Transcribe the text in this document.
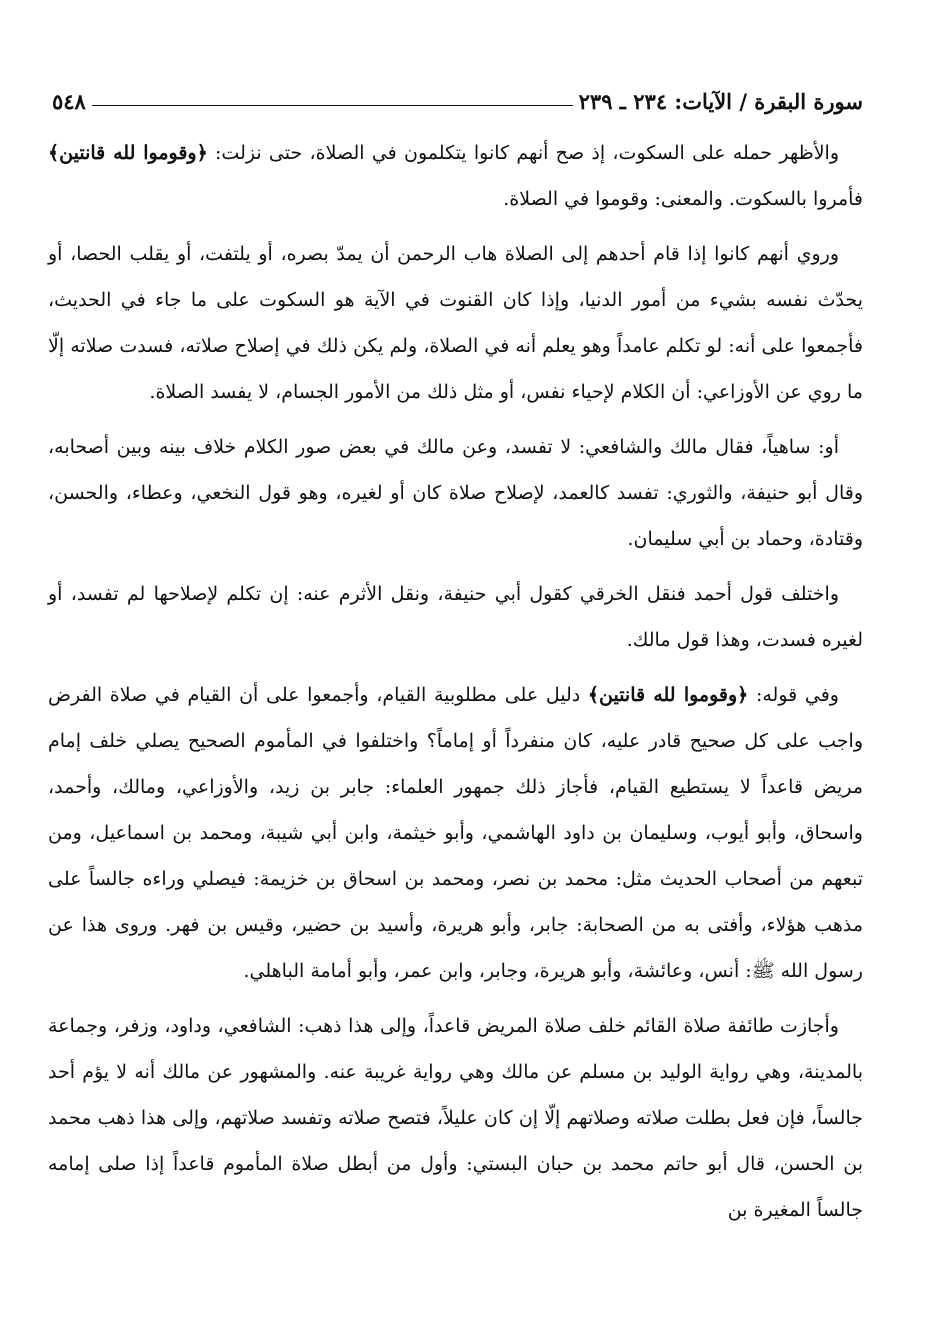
سورة البقرة / الآيات: ٢٣٤ ـ ٢٣٩
٥٤٨

والأظهر حمله على السكوت، إذ صح أنهم كانوا يتكلمون في الصلاة، حتى نزلت: ﴿وقوموا لله قانتين﴾ فأمروا بالسكوت. والمعنى: وقوموا في الصلاة.

وروي أنهم كانوا إذا قام أحدهم إلى الصلاة هاب الرحمن أن يمدّ بصره، أو يلتفت، أو يقلب الحصا، أو يحدّث نفسه بشيء من أمور الدنيا، وإذا كان القنوت في الآية هو السكوت على ما جاء في الحديث، فأجمعوا على أنه: لو تكلم عامداً وهو يعلم أنه في الصلاة، ولم يكن ذلك في إصلاح صلاته، فسدت صلاته إلّا ما روي عن الأوزاعي: أن الكلام لإحياء نفس، أو مثل ذلك من الأمور الجسام، لا يفسد الصلاة.

أو: ساهياً، فقال مالك والشافعي: لا تفسد، وعن مالك في بعض صور الكلام خلاف بينه وبين أصحابه، وقال أبو حنيفة، والثوري: تفسد كالعمد، لإصلاح صلاة كان أو لغيره، وهو قول النخعي، وعطاء، والحسن، وقتادة، وحماد بن أبي سليمان.

واختلف قول أحمد فنقل الخرقي كقول أبي حنيفة، ونقل الأثرم عنه: إن تكلم لإصلاحها لم تفسد، أو لغيره فسدت، وهذا قول مالك.

وفي قوله: ﴿وقوموا لله قانتين﴾ دليل على مطلوبية القيام، وأجمعوا على أن القيام في صلاة الفرض واجب على كل صحيح قادر عليه، كان منفرداً أو إماماً؟ واختلفوا في المأموم الصحيح يصلي خلف إمام مريض قاعداً لا يستطيع القيام، فأجاز ذلك جمهور العلماء: جابر بن زيد، والأوزاعي، ومالك، وأحمد، واسحاق، وأبو أيوب، وسليمان بن داود الهاشمي، وأبو خيثمة، وابن أبي شيبة، ومحمد بن اسماعيل، ومن تبعهم من أصحاب الحديث مثل: محمد بن نصر، ومحمد بن اسحاق بن خزيمة: فيصلي وراءه جالساً على مذهب هؤلاء، وأفتى به من الصحابة: جابر، وأبو هريرة، وأسيد بن حضير، وقيس بن فهر. وروى هذا عن رسول الله ﷺ: أنس، وعائشة، وأبو هريرة، وجابر، وابن عمر، وأبو أمامة الباهلي.

وأجازت طائفة صلاة القائم خلف صلاة المريض قاعداً، وإلى هذا ذهب: الشافعي، وداود، وزفر، وجماعة بالمدينة، وهي رواية الوليد بن مسلم عن مالك وهي رواية غريبة عنه. والمشهور عن مالك أنه لا يؤم أحد جالساً، فإن فعل بطلت صلاته وصلاتهم إلّا إن كان عليلاً، فتصح صلاته وتفسد صلاتهم، وإلى هذا ذهب محمد بن الحسن، قال أبو حاتم محمد بن حبان البستي: وأول من أبطل صلاة المأموم قاعداً إذا صلى إمامه جالساً المغيرة بن
